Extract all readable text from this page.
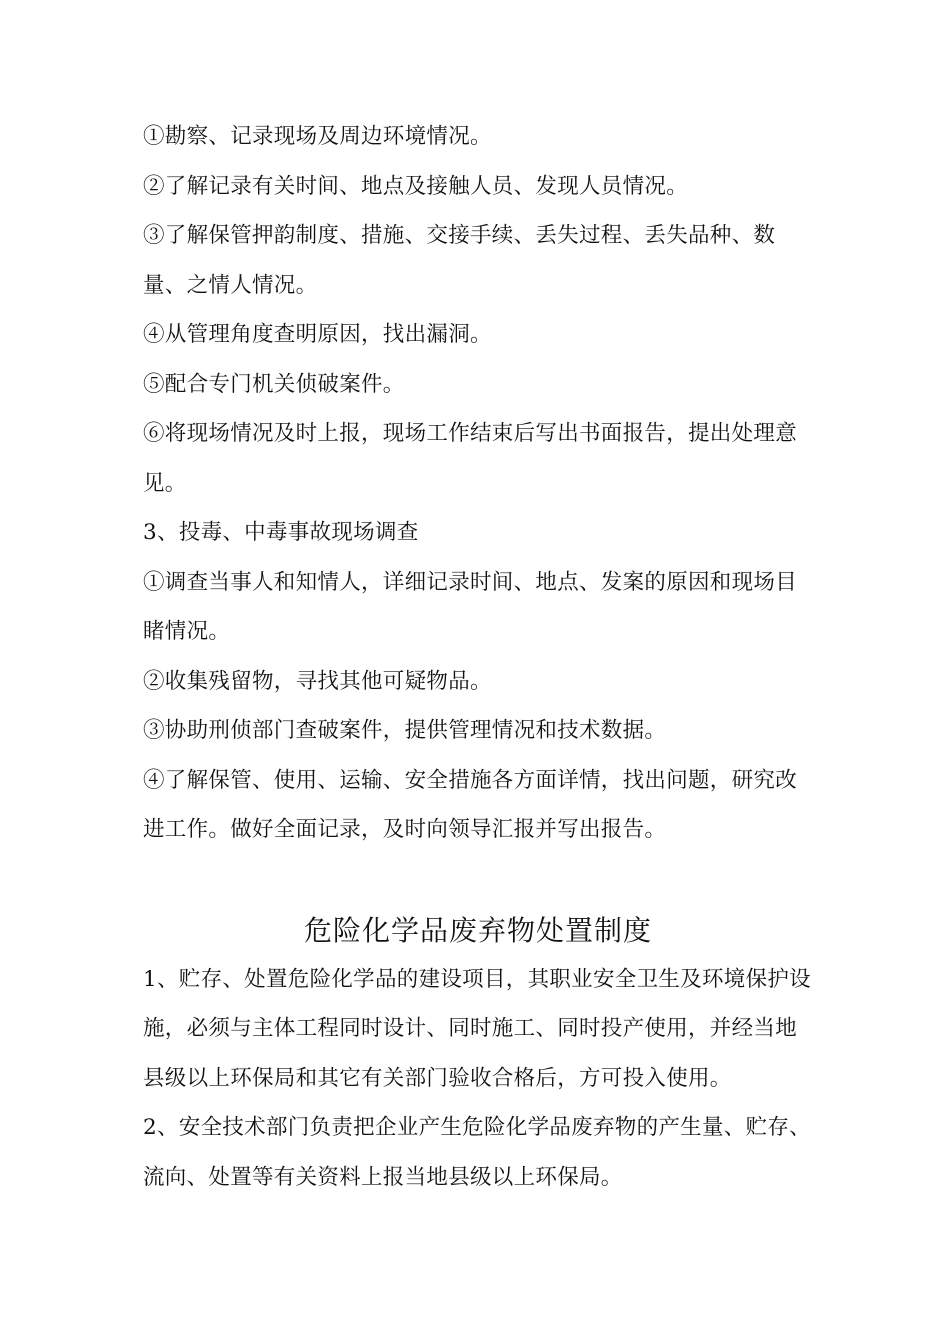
①勘察、记录现场及周边环境情况。

②了解记录有关时间、地点及接触人员、发现人员情况。

③了解保管押韵制度、措施、交接手续、丢失过程、丢失品种、数量、之情人情况。

④从管理角度查明原因，找出漏洞。

⑤配合专门机关侦破案件。

⑥将现场情况及时上报，现场工作结束后写出书面报告，提出处理意见。

3、投毒、中毒事故现场调查

①调查当事人和知情人，详细记录时间、地点、发案的原因和现场目睹情况。

②收集残留物，寻找其他可疑物品。

③协助刑侦部门查破案件，提供管理情况和技术数据。

④了解保管、使用、运输、安全措施各方面详情，找出问题，研究改进工作。做好全面记录，及时向领导汇报并写出报告。

危险化学品废弃物处置制度

1、贮存、处置危险化学品的建设项目，其职业安全卫生及环境保护设施，必须与主体工程同时设计、同时施工、同时投产使用，并经当地县级以上环保局和其它有关部门验收合格后，方可投入使用。

2、安全技术部门负责把企业产生危险化学品废弃物的产生量、贮存、流向、处置等有关资料上报当地县级以上环保局。
